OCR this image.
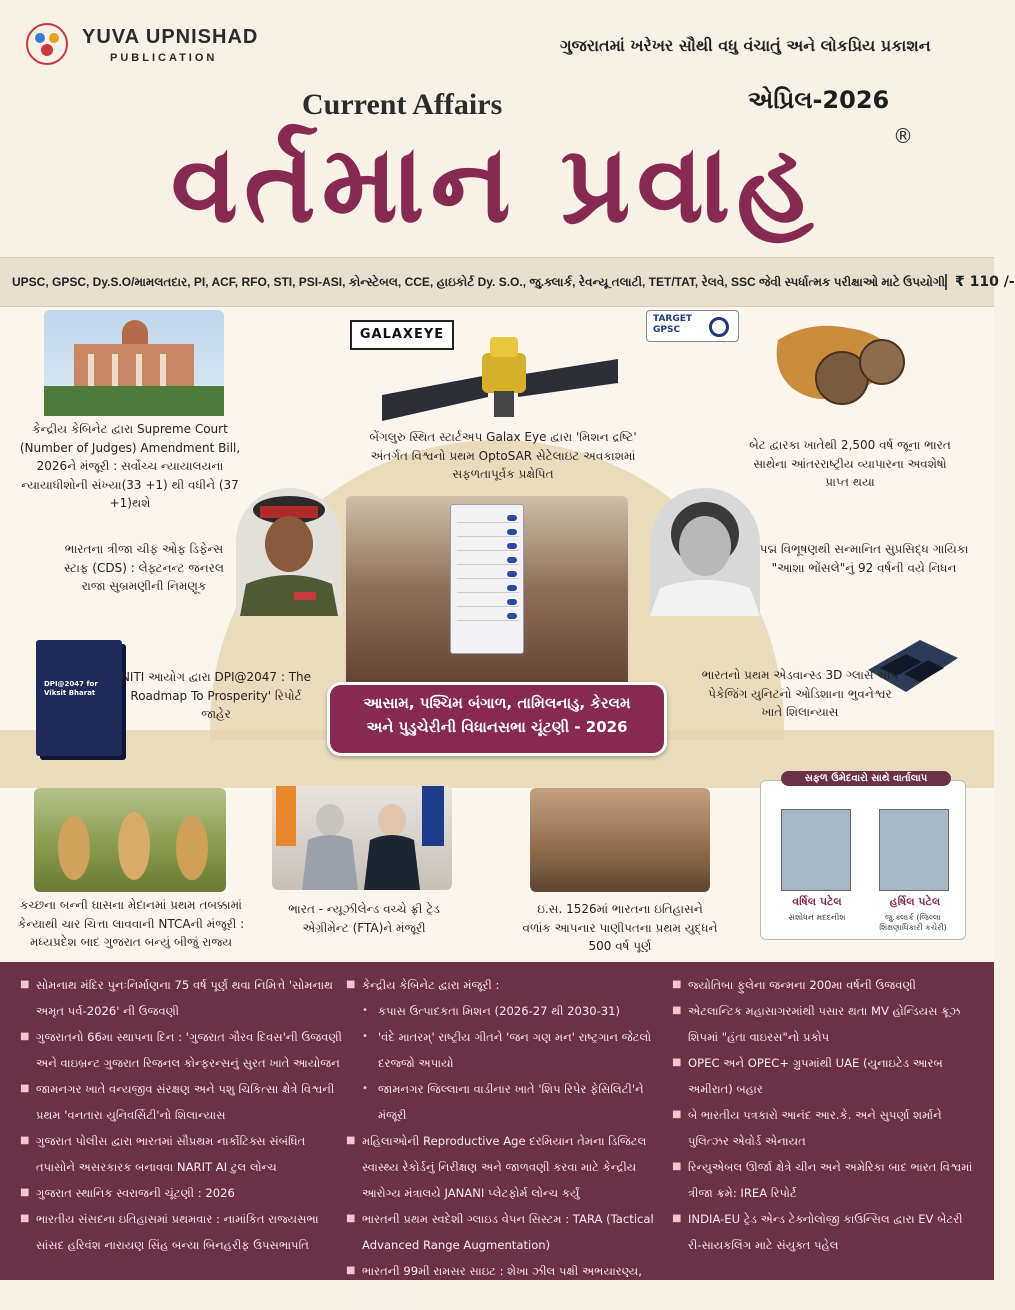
YUVA UPNISHAD
PUBLICATION
ગુજરાતમાં ખરેખર સૌથી વધુ વંચાતું અને લોકપ્રિય પ્રકાશન
Current Affairs	એપ્રિલ-2026
વર્તમાન પ્રવાહ	®
UPSC, GPSC, Dy.S.O/મામલતદાર, PI, ACF, RFO, STI, PSI-ASI, કોન્સ્ટેબલ, CCE, હાઇકોર્ટ Dy. S.O., જુ.ક્લાર્ક, રેવન્યૂ તલાટી, TET/TAT, રેલવે, SSC જેવી સ્પર્ધાત્મક પરીક્ષાઓ માટે ઉપયોગી ₹ 110 /-
કેન્દ્રીય કેબિનેટ દ્વારા Supreme Court (Number of Judges) Amendment Bill, 2026ને મંજૂરી : સર્વોચ્ચ ન્યાયાલયના ન્યાયાધીશોની સંખ્યા(33 +1) થી વધીને (37 +1)થશે
GALAXEYE
બેંગલુરુ સ્થિત સ્ટાર્ટઅપ Galax Eye દ્વારા 'મિશન દ્રષ્ટિ' અંતર્ગત વિશ્વનો પ્રથમ OptoSAR સેટેલાઇટ અવકાશમાં સફળતાપૂર્વક પ્રક્ષેપિત
TARGET
GPSC
બેટ દ્વારકા ખાતેથી 2,500 વર્ષ જૂના ભારત સાથેના આંતરરાષ્ટ્રીય વ્યાપારના અવશેષો પ્રાપ્ત થયા
ભારતના ત્રીજા ચીફ ઓફ ડિફેન્સ સ્ટાફ (CDS) : લેફ્ટનન્ટ જનરલ રાજા સુબ્રમણીની નિમણૂક
પદ્મ વિભૂષણથી સન્માનિત સુપ્રસિદ્ધ ગાયિકા "આશા ભોંસલે"નું 92 વર્ષની વયે નિધન
DPI@2047 for Viksit Bharat
NITI આયોગ દ્વારા DPI@2047 : The Roadmap To Prosperity' રિપોર્ટ જાહેર
ભારતનો પ્રથમ એડવાન્સ્ડ 3D ગ્લાસ ચીપ પેકેજિંગ યુનિટનો ઓડિશાના ભુવનેશ્વર ખાતે શિલાન્યાસ
આસામ, પશ્ચિમ બંગાળ, તામિલનાડુ, કેરલમ
અને પુડુચેરીની વિધાનસભા ચૂંટણી - 2026
કચ્છના બન્ની ઘાસના મેદાનમાં પ્રથમ તબક્કામાં કેન્યાથી ચાર ચિત્તા લાવવાની NTCAની મંજૂરી : મધ્યપ્રદેશ બાદ ગુજરાત બન્યું બીજું રાજ્ય
ભારત - ન્યૂઝીલેન્ડ વચ્ચે ફ્રી ટ્રેડ એગ્રીમેન્ટ (FTA)ને મંજૂરી
ઇ.સ. 1526માં ભારતના ઇતિહાસને વળાંક આપનાર પાણીપતના પ્રથમ યુદ્ધને 500 વર્ષ પૂર્ણ
સફળ ઉમેદવારો સાથે વાર્તાલાપ
વર્ષિલ પટેલ	હર્ષિલ પટેલ
સંશોધન મદદનીશ	જુ.ક્લાર્ક (જિલ્લા શિક્ષણાધિકારી કચેરી)
■ સોમનાથ મંદિર પુનઃનિર્માણના 75 વર્ષ પૂર્ણ થવા નિમિત્તે 'સોમનાથ અમૃત પર્વ-2026' ની ઉજવણી
■ ગુજરાતનો 66મા સ્થાપના દિન : 'ગુજરાત ગૌરવ દિવસ'ની ઉજવણી અને વાઇબ્રન્ટ ગુજરાત રિજનલ કોન્ફરન્સનું સુરત ખાતે આયોજન
■ જામનગર ખાતે વન્યજીવ સંરક્ષણ અને પશુ ચિકિત્સા ક્ષેત્રે વિશ્વની પ્રથમ 'વનતારા યુનિવર્સિટી'નો શિલાન્યાસ
■ ગુજરાત પોલીસ દ્વારા ભારતમાં સૌપ્રથમ નાર્કોટિક્સ સંબંધિત તપાસોને અસરકારક બનાવવા NARIT AI ટુલ લોન્ચ
■ ગુજરાત સ્થાનિક સ્વરાજની ચૂંટણી : 2026
■ ભારતીય સંસદના ઇતિહાસમાં પ્રથમવાર : નામાંકિત રાજ્યસભા સાંસદ હરિવંશ નારાયણ સિંહ બન્યા બિનહરીફ ઉપસભાપતિ
■ કેન્દ્રીય કેબિનેટ દ્વારા મંજૂરી :
• કપાસ ઉત્પાદકતા મિશન (2026-27 થી 2030-31)
• 'વંદે માતરમ્' રાષ્ટ્રીય ગીતને 'જન ગણ મન' રાષ્ટ્રગાન જેટલો દરજ્જો અપાયો
• જામનગર જિલ્લાના વાડીનાર ખાતે 'શિપ રિપેર ફેસિલિટી'ને મંજૂરી
■ મહિલાઓની Reproductive Age દરમિયાન તેમના ડિજિટલ સ્વાસ્થ્ય રેકોર્ડનું નિરીક્ષણ અને જાળવણી કરવા માટે કેન્દ્રીય આરોગ્ય મંત્રાલયે JANANI પ્લેટફોર્મ લોન્ચ કર્યું
■ ભારતની પ્રથમ સ્વદેશી ગ્લાઇડ વેપન સિસ્ટમ : TARA (Tactical Advanced Range Augmentation)
■ ભારતની 99મી રામસર સાઇટ : શેખા ઝીલ પક્ષી અભયારણ્ય, ઉત્તરપ્રદેશ
■ જ્યોતિબા ફુલેના જન્મના 200મા વર્ષની ઉજવણી
■ એટલાન્ટિક મહાસાગરમાંથી પસાર થતા MV હોન્ડિયસ ક્રૂઝ શિપમાં "હંતા વાઇરસ"નો પ્રકોપ
■ OPEC અને OPEC+ ગ્રુપમાંથી UAE (યુનાઇટેડ આરબ અમીરાત) બહાર
■ બે ભારતીય પત્રકારો આનંદ આર.કે. અને સુપર્ણા શર્માને પુલિત્ઝર એવોર્ડ એનાયત
■ રિન્યુએબલ ઊર્જા ક્ષેત્રે ચીન અને અમેરિકા બાદ ભારત વિશ્વમાં ત્રીજા ક્રમે: IREA રિપોર્ટ
■ INDIA-EU ટ્રેડ એન્ડ ટેક્નોલોજી કાઉન્સિલ દ્વારા EV બેટરી રી-સાયકલિંગ માટે સંયુક્ત પહેલ
